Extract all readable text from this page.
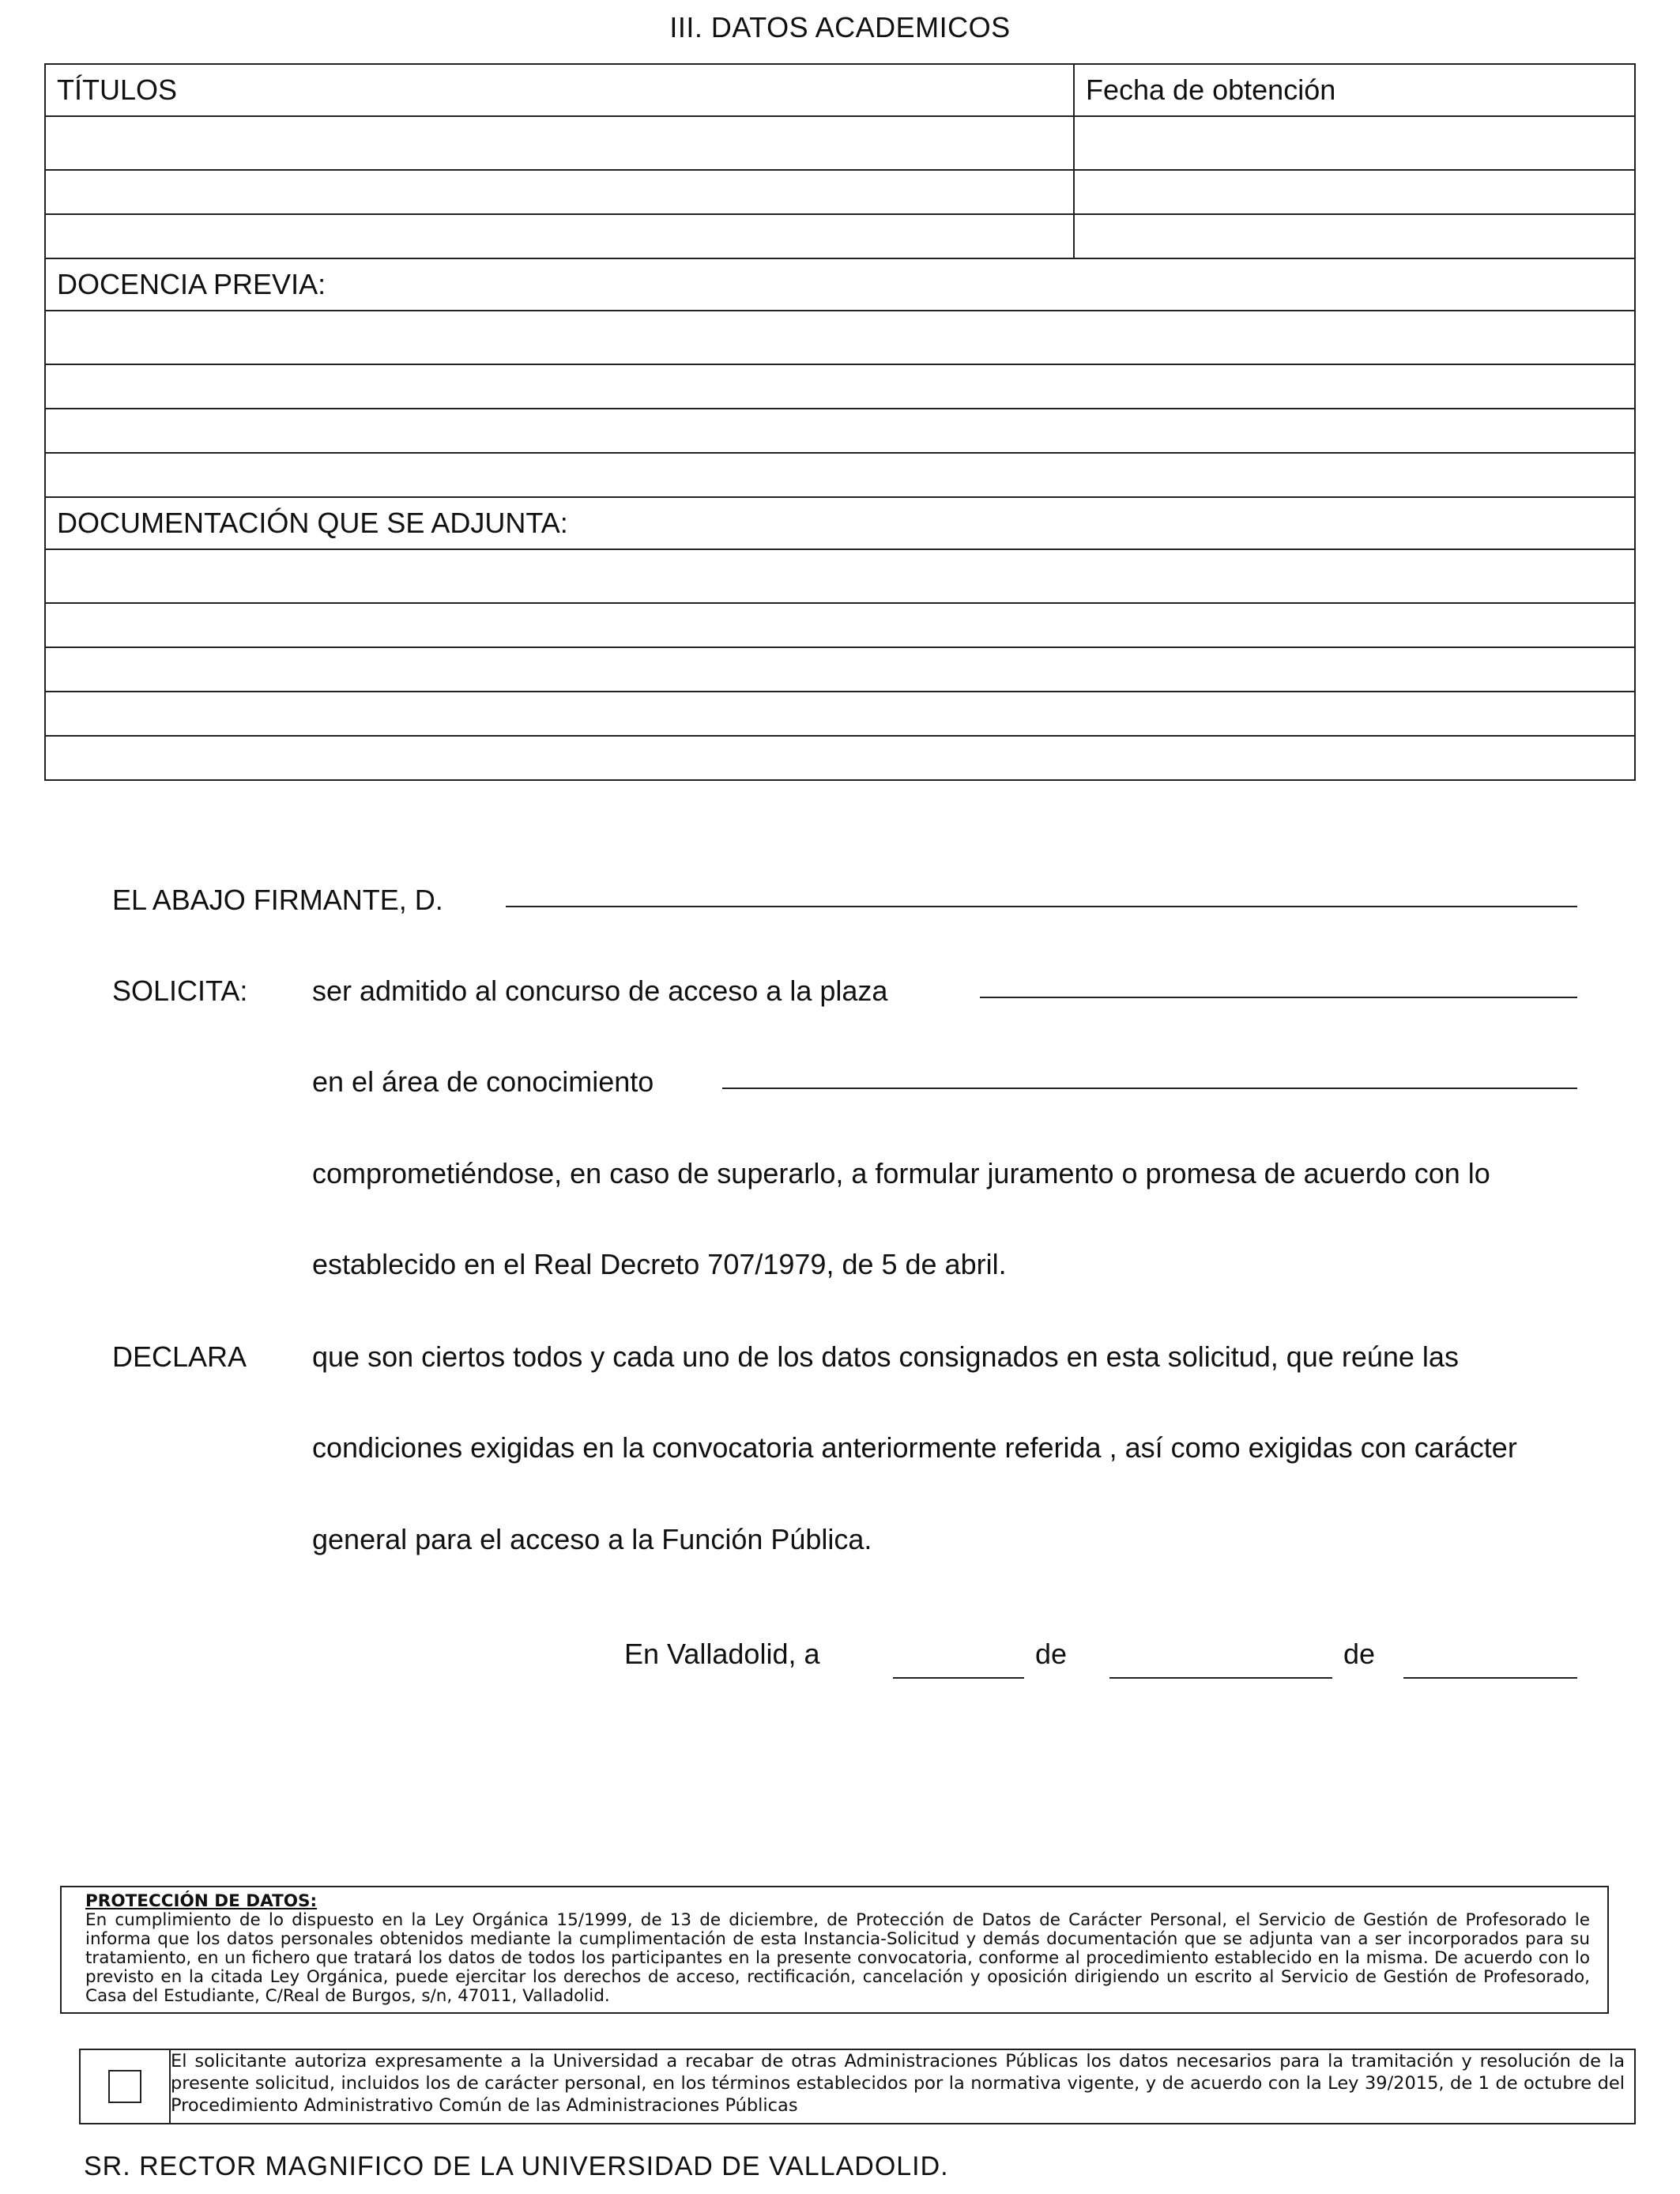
III. DATOS ACADEMICOS
TÍTULOS	Fecha de obtención

DOCENCIA PREVIA:	

DOCUMENTACIÓN QUE SE ADJUNTA:	

EL ABAJO FIRMANTE, D.
SOLICITA: ser admitido al concurso de acceso a la plaza
en el área de conocimiento
comprometiéndose, en caso de superarlo, a formular juramento o promesa de acuerdo con lo
establecido en el Real Decreto 707/1979, de 5 de abril.
DECLARA que son ciertos todos y cada uno de los datos consignados en esta solicitud, que reúne las
condiciones exigidas en la convocatoria anteriormente referida , así como exigidas con carácter
general para el acceso a la Función Pública.
En Valladolid, a	de	de
PROTECCIÓN DE DATOS:

En cumplimiento de lo dispuesto en la Ley Orgánica 15/1999, de 13 de diciembre, de Protección de Datos de Carácter Personal, el Servicio de Gestión de Profesorado le informa que los datos personales obtenidos mediante la cumplimentación de esta Instancia-Solicitud y demás documentación que se adjunta van a ser incorporados para su tratamiento, en un fichero que tratará los datos de todos los participantes en la presente convocatoria, conforme al procedimiento establecido en la misma. De acuerdo con lo previsto en la citada Ley Orgánica, puede ejercitar los derechos de acceso, rectificación, cancelación y oposición dirigiendo un escrito al Servicio de Gestión de Profesorado, Casa del Estudiante, C/Real de Burgos, s/n, 47011, Valladolid.

El solicitante autoriza expresamente a la Universidad a recabar de otras Administraciones Públicas los datos necesarios para la tramitación y resolución de la presente solicitud, incluidos los de carácter personal, en los términos establecidos por la normativa vigente, y de acuerdo con la Ley 39/2015, de 1 de octubre del Procedimiento Administrativo Común de las Administraciones Públicas
SR. RECTOR MAGNIFICO DE LA UNIVERSIDAD DE VALLADOLID.
